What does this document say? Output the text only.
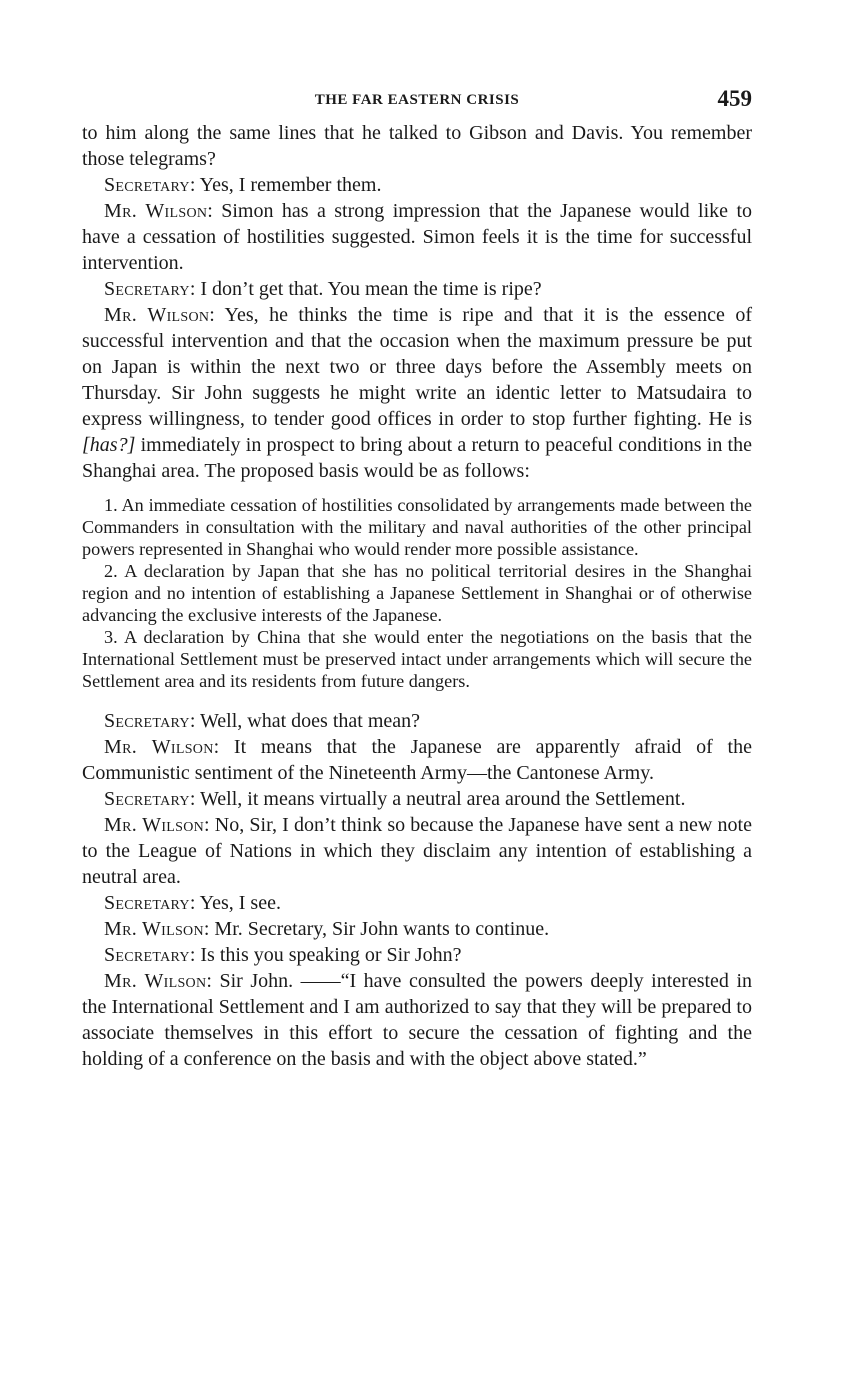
THE FAR EASTERN CRISIS	459

to him along the same lines that he talked to Gibson and Davis. You remember those telegrams?

Secretary: Yes, I remember them.

Mr. Wilson: Simon has a strong impression that the Japanese would like to have a cessation of hostilities suggested. Simon feels it is the time for successful intervention.

Secretary: I don’t get that. You mean the time is ripe?

Mr. Wilson: Yes, he thinks the time is ripe and that it is the essence of successful intervention and that the occasion when the maximum pressure be put on Japan is within the next two or three days before the Assembly meets on Thursday. Sir John suggests he might write an identic letter to Matsudaira to express willingness, to tender good offices in order to stop further fighting. He is [has?] immediately in prospect to bring about a return to peaceful conditions in the Shanghai area. The proposed basis would be as follows:

1. An immediate cessation of hostilities consolidated by arrangements made between the Commanders in consultation with the military and naval authorities of the other principal powers represented in Shanghai who would render more possible assistance.

2. A declaration by Japan that she has no political territorial desires in the Shanghai region and no intention of establishing a Japanese Settlement in Shanghai or of otherwise advancing the exclusive interests of the Japanese.

3. A declaration by China that she would enter the negotiations on the basis that the International Settlement must be preserved intact under arrangements which will secure the Settlement area and its residents from future dangers.

Secretary: Well, what does that mean?

Mr. Wilson: It means that the Japanese are apparently afraid of the Communistic sentiment of the Nineteenth Army—the Cantonese Army.

Secretary: Well, it means virtually a neutral area around the Settlement.

Mr. Wilson: No, Sir, I don’t think so because the Japanese have sent a new note to the League of Nations in which they disclaim any intention of establishing a neutral area.

Secretary: Yes, I see.

Mr. Wilson: Mr. Secretary, Sir John wants to continue.

Secretary: Is this you speaking or Sir John?

Mr. Wilson: Sir John. ——“I have consulted the powers deeply interested in the International Settlement and I am authorized to say that they will be prepared to associate themselves in this effort to secure the cessation of fighting and the holding of a conference on the basis and with the object above stated.”
